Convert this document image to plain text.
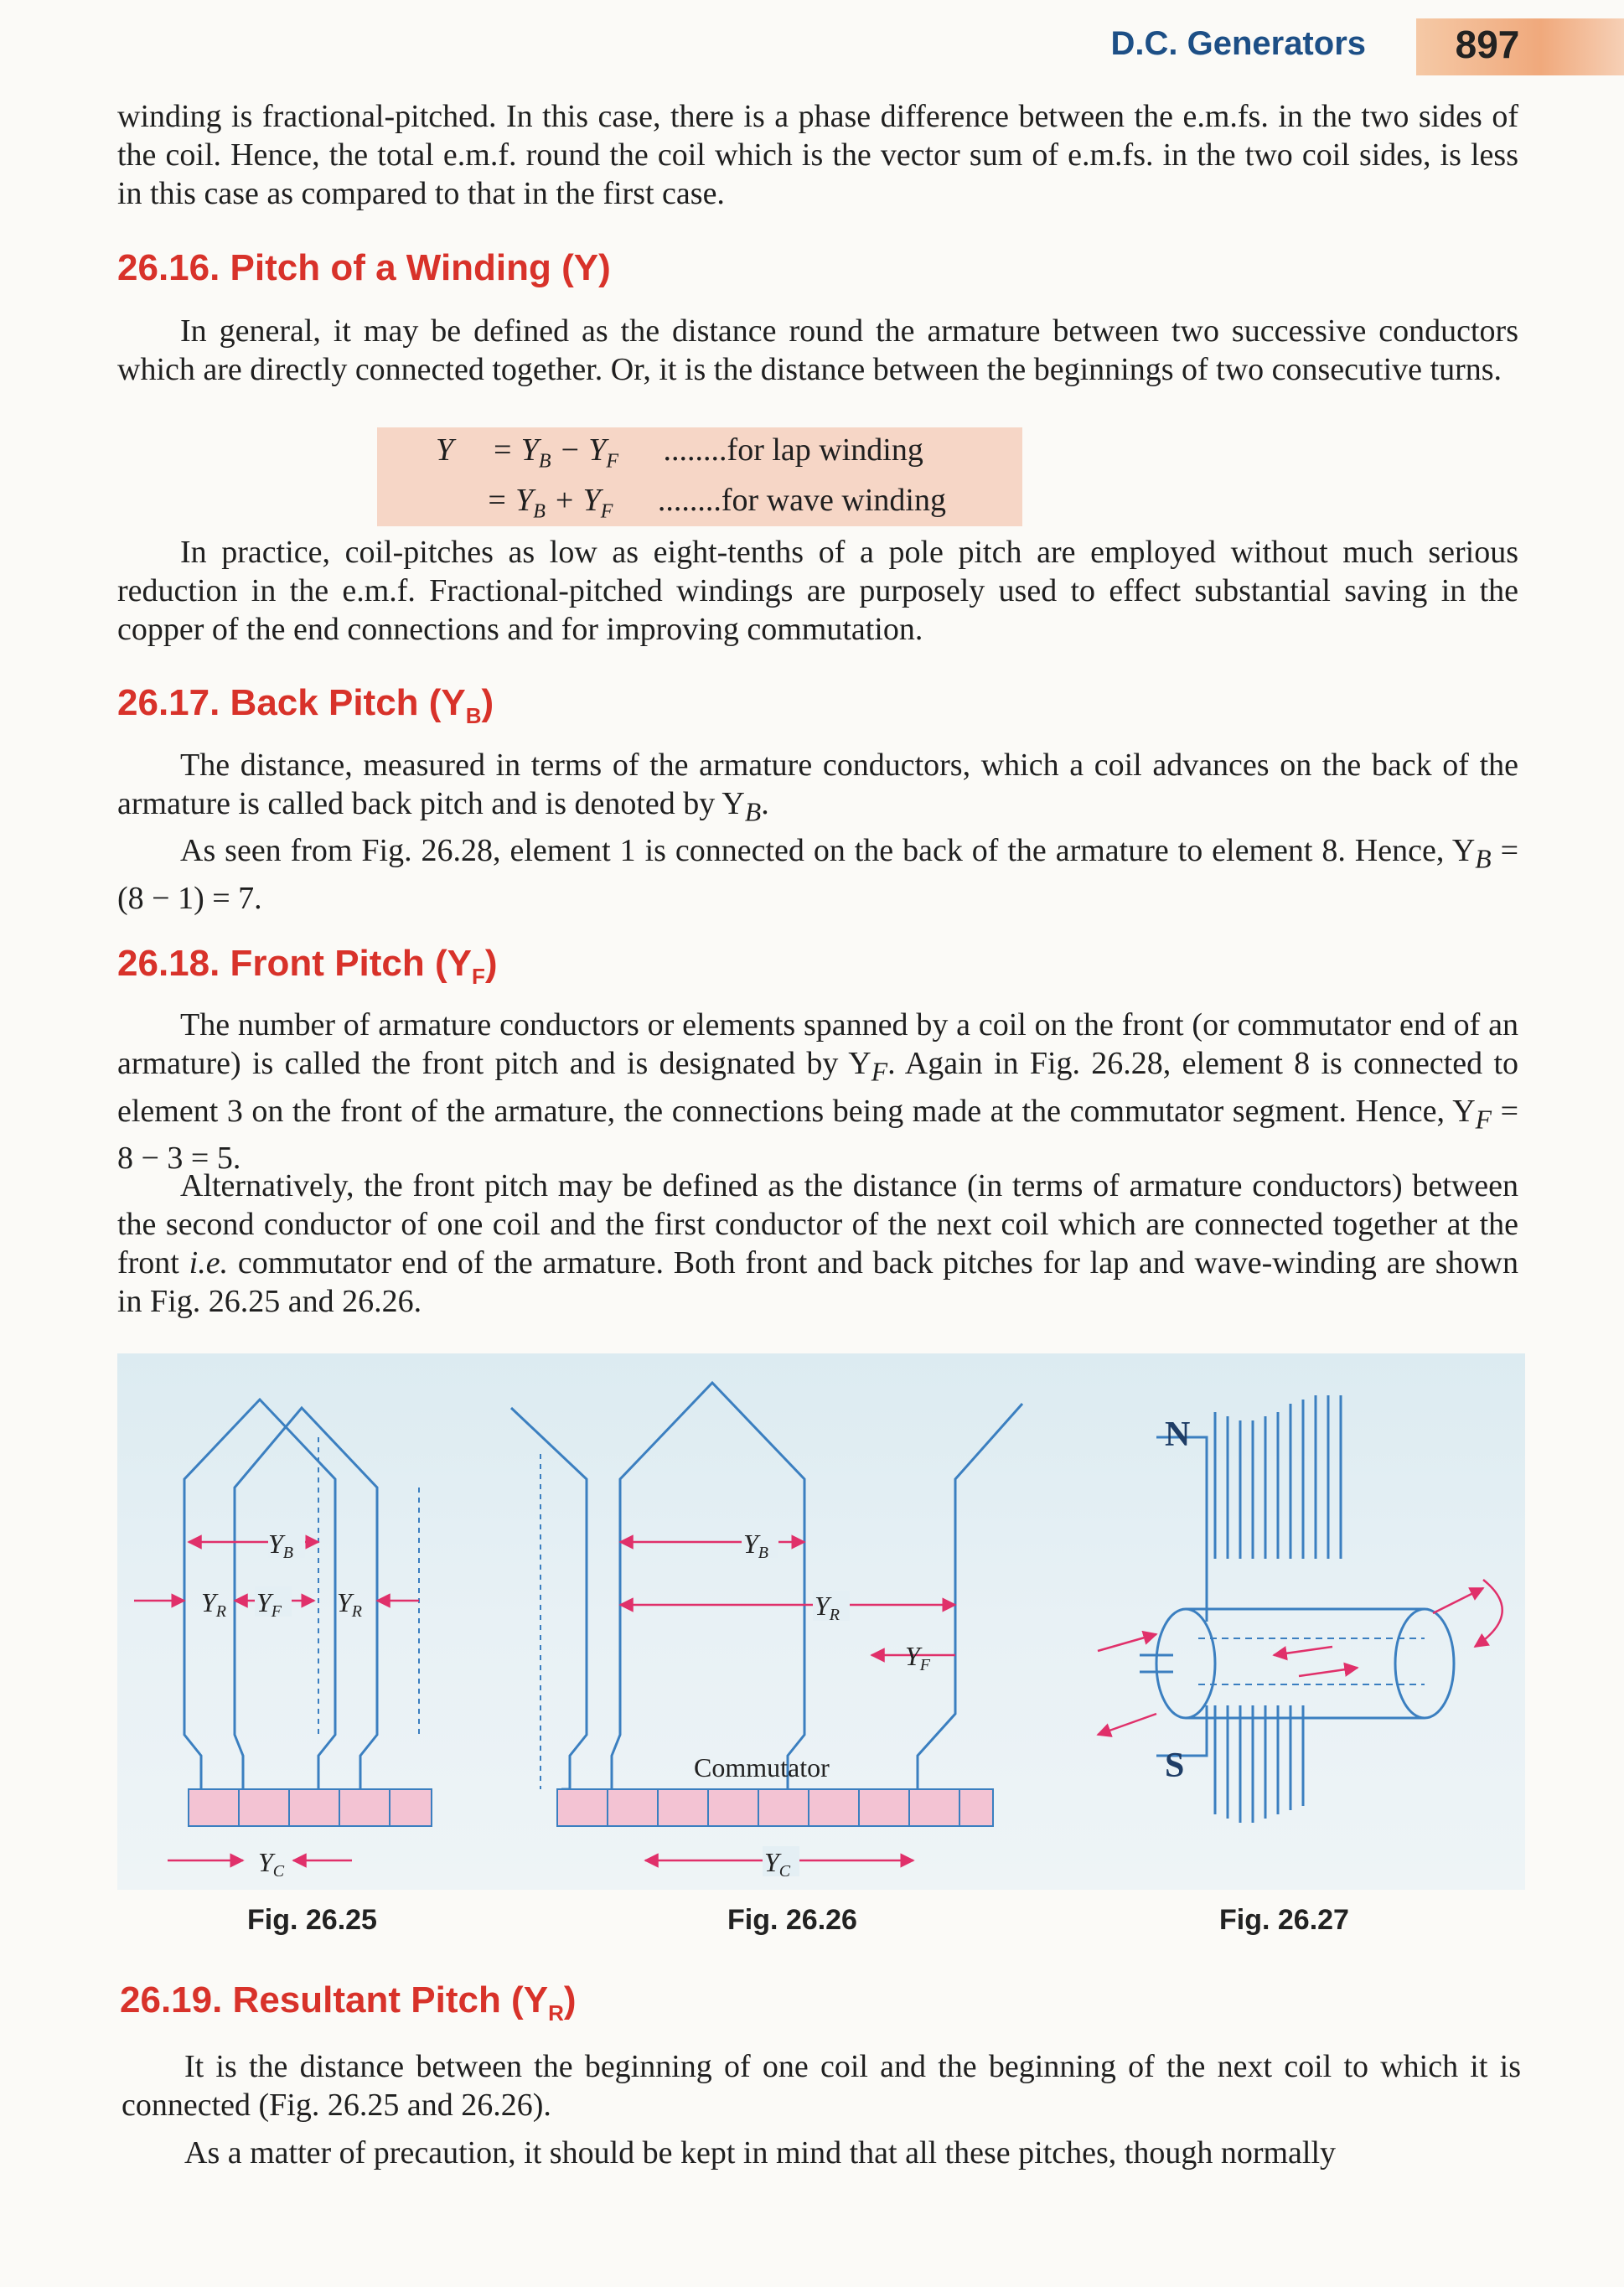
D.C. Generators	897

winding is fractional-pitched. In this case, there is a phase difference between the e.m.fs. in the two sides of the coil. Hence, the total e.m.f. round the coil which is the vector sum of e.m.fs. in the two coil sides, is less in this case as compared to that in the first case.

26.16. Pitch of a Winding (Y)

In general, it may be defined as the distance round the armature between two successive conductors which are directly connected together. Or, it is the distance between the beginnings of two consecutive turns.

$Y = Y_B - Y_F$ ........for lap winding
= $Y_B + Y_F$ ........for wave winding

In practice, coil-pitches as low as eight-tenths of a pole pitch are employed without much serious reduction in the e.m.f. Fractional-pitched windings are purposely used to effect substantial saving in the copper of the end connections and for improving commutation.

26.17. Back Pitch $(Y_B)$

The distance, measured in terms of the armature conductors, which a coil advances on the back of the armature is called back pitch and is denoted by $Y_B$.

As seen from Fig. 26.28, element 1 is connected on the back of the armature to element 8. Hence, $Y_B = (8 - 1) = 7$.

26.18. Front Pitch $(Y_F)$

The number of armature conductors or elements spanned by a coil on the front (or commutator end of an armature) is called the front pitch and is designated by $Y_F$. Again in Fig. 26.28, element 8 is connected to element 3 on the front of the armature, the connections being made at the commutator segment. Hence, $Y_F = 8 - 3 = 5$.

Alternatively, the front pitch may be defined as the distance (in terms of armature conductors) between the second conductor of one coil and the first conductor of the next coil which are connected together at the front i.e. commutator end of the armature. Both front and back pitches for lap and wave-winding are shown in Fig. 26.25 and 26.26.

YB
YR YF YR
YC
Commutator
YB
YR
YF
YC
N
S
Fig. 26.25	Fig. 26.26	Fig. 26.27
26.19. Resultant Pitch $(Y_R)$

It is the distance between the beginning of one coil and the beginning of the next coil to which it is connected (Fig. 26.25 and 26.26).

As a matter of precaution, it should be kept in mind that all these pitches, though normally
